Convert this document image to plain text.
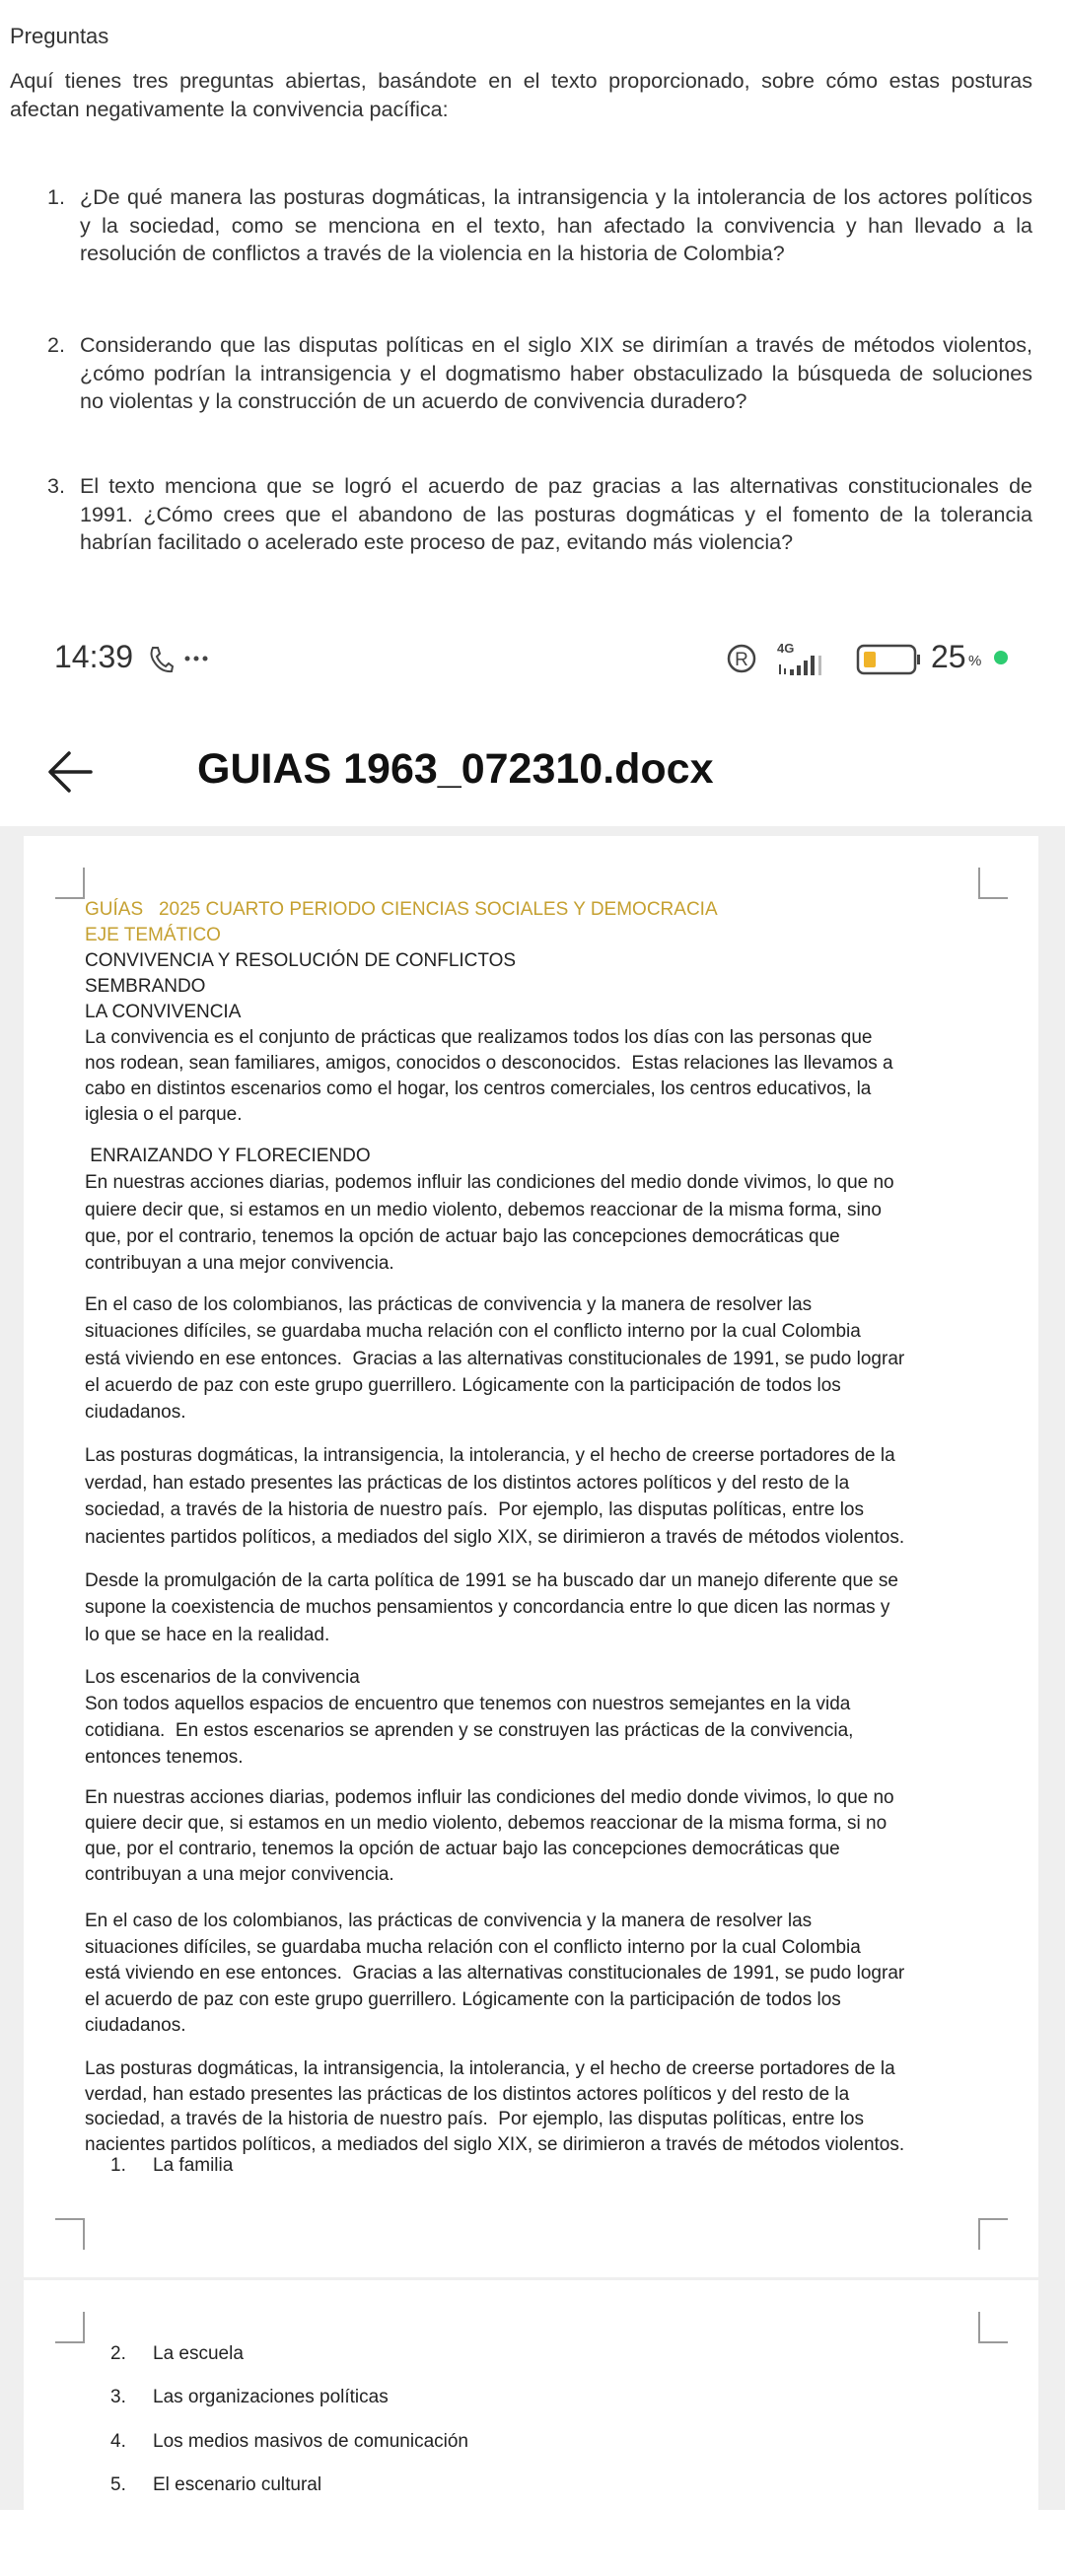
Preguntas
Aquí tienes tres preguntas abiertas, basándote en el texto proporcionado, sobre cómo estas posturas
afectan negativamente la convivencia pacífica:
1. ¿De qué manera las posturas dogmáticas, la intransigencia y la intolerancia de los actores políticos
y la sociedad, como se menciona en el texto, han afectado la convivencia y han llevado a la
resolución de conflictos a través de la violencia en la historia de Colombia?
2. Considerando que las disputas políticas en el siglo XIX se dirimían a través de métodos violentos,
¿cómo podrían la intransigencia y el dogmatismo haber obstaculizado la búsqueda de soluciones
no violentas y la construcción de un acuerdo de convivencia duradero?
3. El texto menciona que se logró el acuerdo de paz gracias a las alternativas constitucionales de
1991. ¿Cómo crees que el abandono de las posturas dogmáticas y el fomento de la tolerancia
habrían facilitado o acelerado este proceso de paz, evitando más violencia?
14:39	R
4G	25 %
GUIAS 1963_072310.docx
GUÍAS   2025 CUARTO PERIODO CIENCIAS SOCIALES Y DEMOCRACIA
EJE TEMÁTICO
CONVIVENCIA Y RESOLUCIÓN DE CONFLICTOS
SEMBRANDO
LA CONVIVENCIA
La convivencia es el conjunto de prácticas que realizamos todos los días con las personas que
nos rodean, sean familiares, amigos, conocidos o desconocidos.  Estas relaciones las llevamos a
cabo en distintos escenarios como el hogar, los centros comerciales, los centros educativos, la
iglesia o el parque.
ENRAIZANDO Y FLORECIENDO
En nuestras acciones diarias, podemos influir las condiciones del medio donde vivimos, lo que no
quiere decir que, si estamos en un medio violento, debemos reaccionar de la misma forma, sino
que, por el contrario, tenemos la opción de actuar bajo las concepciones democráticas que
contribuyan a una mejor convivencia.
En el caso de los colombianos, las prácticas de convivencia y la manera de resolver las
situaciones difíciles, se guardaba mucha relación con el conflicto interno por la cual Colombia
está viviendo en ese entonces.  Gracias a las alternativas constitucionales de 1991, se pudo lograr
el acuerdo de paz con este grupo guerrillero. Lógicamente con la participación de todos los
ciudadanos.
Las posturas dogmáticas, la intransigencia, la intolerancia, y el hecho de creerse portadores de la
verdad, han estado presentes las prácticas de los distintos actores políticos y del resto de la
sociedad, a través de la historia de nuestro país.  Por ejemplo, las disputas políticas, entre los
nacientes partidos políticos, a mediados del siglo XIX, se dirimieron a través de métodos violentos.
Desde la promulgación de la carta política de 1991 se ha buscado dar un manejo diferente que se
supone la coexistencia de muchos pensamientos y concordancia entre lo que dicen las normas y
lo que se hace en la realidad.
Los escenarios de la convivencia
Son todos aquellos espacios de encuentro que tenemos con nuestros semejantes en la vida
cotidiana.  En estos escenarios se aprenden y se construyen las prácticas de la convivencia,
entonces tenemos.
En nuestras acciones diarias, podemos influir las condiciones del medio donde vivimos, lo que no
quiere decir que, si estamos en un medio violento, debemos reaccionar de la misma forma, si no
que, por el contrario, tenemos la opción de actuar bajo las concepciones democráticas que
contribuyan a una mejor convivencia.
En el caso de los colombianos, las prácticas de convivencia y la manera de resolver las
situaciones difíciles, se guardaba mucha relación con el conflicto interno por la cual Colombia
está viviendo en ese entonces.  Gracias a las alternativas constitucionales de 1991, se pudo lograr
el acuerdo de paz con este grupo guerrillero. Lógicamente con la participación de todos los
ciudadanos.
Las posturas dogmáticas, la intransigencia, la intolerancia, y el hecho de creerse portadores de la
verdad, han estado presentes las prácticas de los distintos actores políticos y del resto de la
sociedad, a través de la historia de nuestro país.  Por ejemplo, las disputas políticas, entre los
nacientes partidos políticos, a mediados del siglo XIX, se dirimieron a través de métodos violentos.
1. La familia
2. La escuela
3. Las organizaciones políticas
4. Los medios masivos de comunicación
5. El escenario cultural
